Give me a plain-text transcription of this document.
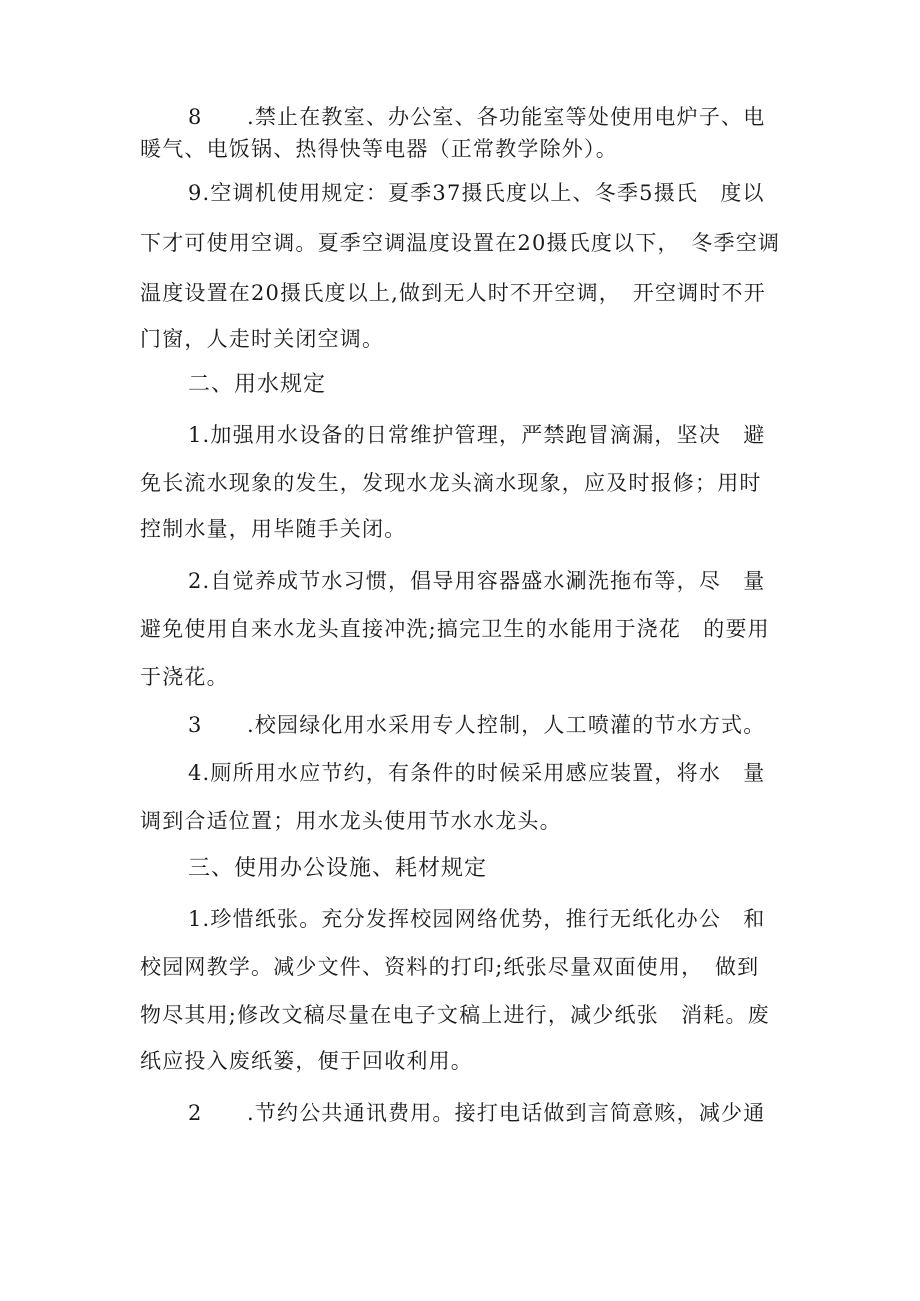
8　　.禁止在教室、办公室、各功能室等处使用电炉子、电
暖气、电饭锅、热得快等电器（正常教学除外）。
9.空调机使用规定：夏季37摄氏度以上、冬季5摄氏　度以
下才可使用空调。夏季空调温度设置在20摄氏度以下，　冬季空调
温度设置在20摄氏度以上,做到无人时不开空调，　开空调时不开
门窗，人走时关闭空调。
二、用水规定
1.加强用水设备的日常维护管理，严禁跑冒滴漏，坚决　避
免长流水现象的发生，发现水龙头滴水现象，应及时报修；用时
控制水量，用毕随手关闭。
2.自觉养成节水习惯，倡导用容器盛水涮洗拖布等，尽　量
避免使用自来水龙头直接冲洗;搞完卫生的水能用于浇花　的要用
于浇花。
3　　.校园绿化用水采用专人控制，人工喷灌的节水方式。
4.厕所用水应节约，有条件的时候采用感应装置，将水　量
调到合适位置；用水龙头使用节水水龙头。
三、使用办公设施、耗材规定
1.珍惜纸张。充分发挥校园网络优势，推行无纸化办公　和
校园网教学。减少文件、资料的打印;纸张尽量双面使用，　做到
物尽其用;修改文稿尽量在电子文稿上进行，减少纸张　消耗。废
纸应投入废纸篓，便于回收利用。
2　　.节约公共通讯费用。接打电话做到言简意赅，减少通
